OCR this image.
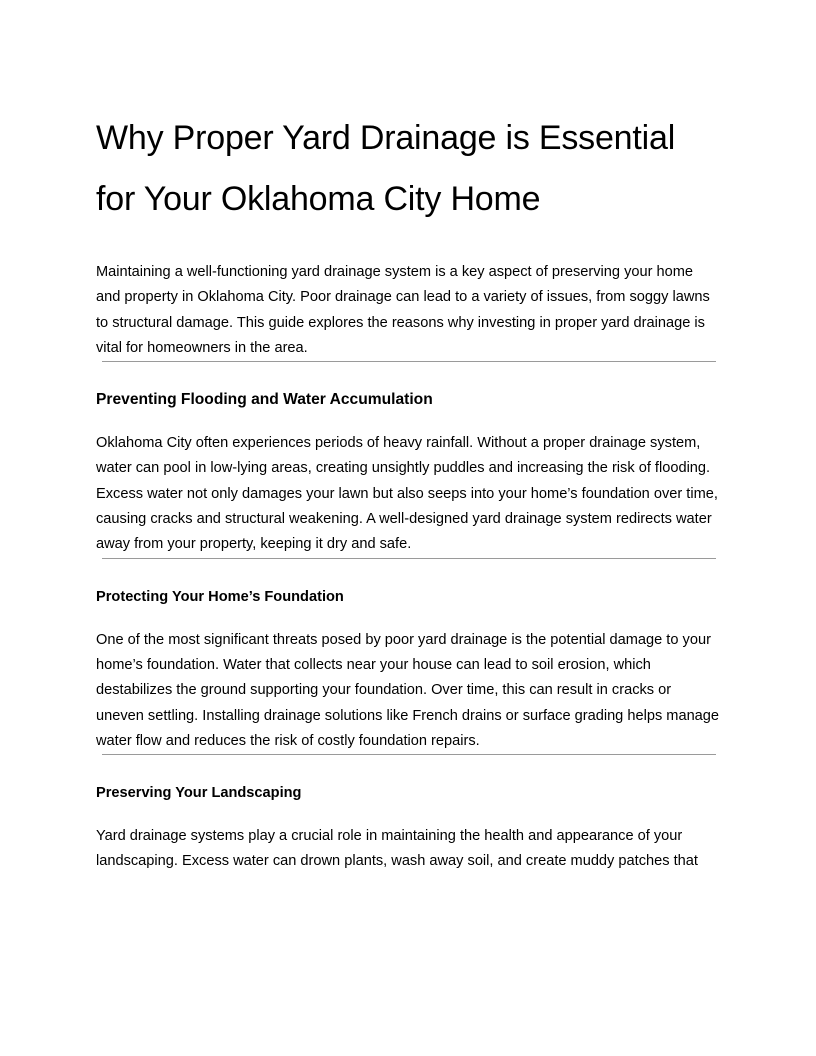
Why Proper Yard Drainage is Essential for Your Oklahoma City Home

Maintaining a well-functioning yard drainage system is a key aspect of preserving your home and property in Oklahoma City. Poor drainage can lead to a variety of issues, from soggy lawns to structural damage. This guide explores the reasons why investing in proper yard drainage is vital for homeowners in the area.

Preventing Flooding and Water Accumulation

Oklahoma City often experiences periods of heavy rainfall. Without a proper drainage system, water can pool in low-lying areas, creating unsightly puddles and increasing the risk of flooding. Excess water not only damages your lawn but also seeps into your home’s foundation over time, causing cracks and structural weakening. A well-designed yard drainage system redirects water away from your property, keeping it dry and safe.

Protecting Your Home’s Foundation

One of the most significant threats posed by poor yard drainage is the potential damage to your home’s foundation. Water that collects near your house can lead to soil erosion, which destabilizes the ground supporting your foundation. Over time, this can result in cracks or uneven settling. Installing drainage solutions like French drains or surface grading helps manage water flow and reduces the risk of costly foundation repairs.

Preserving Your Landscaping

Yard drainage systems play a crucial role in maintaining the health and appearance of your landscaping. Excess water can drown plants, wash away soil, and create muddy patches that
